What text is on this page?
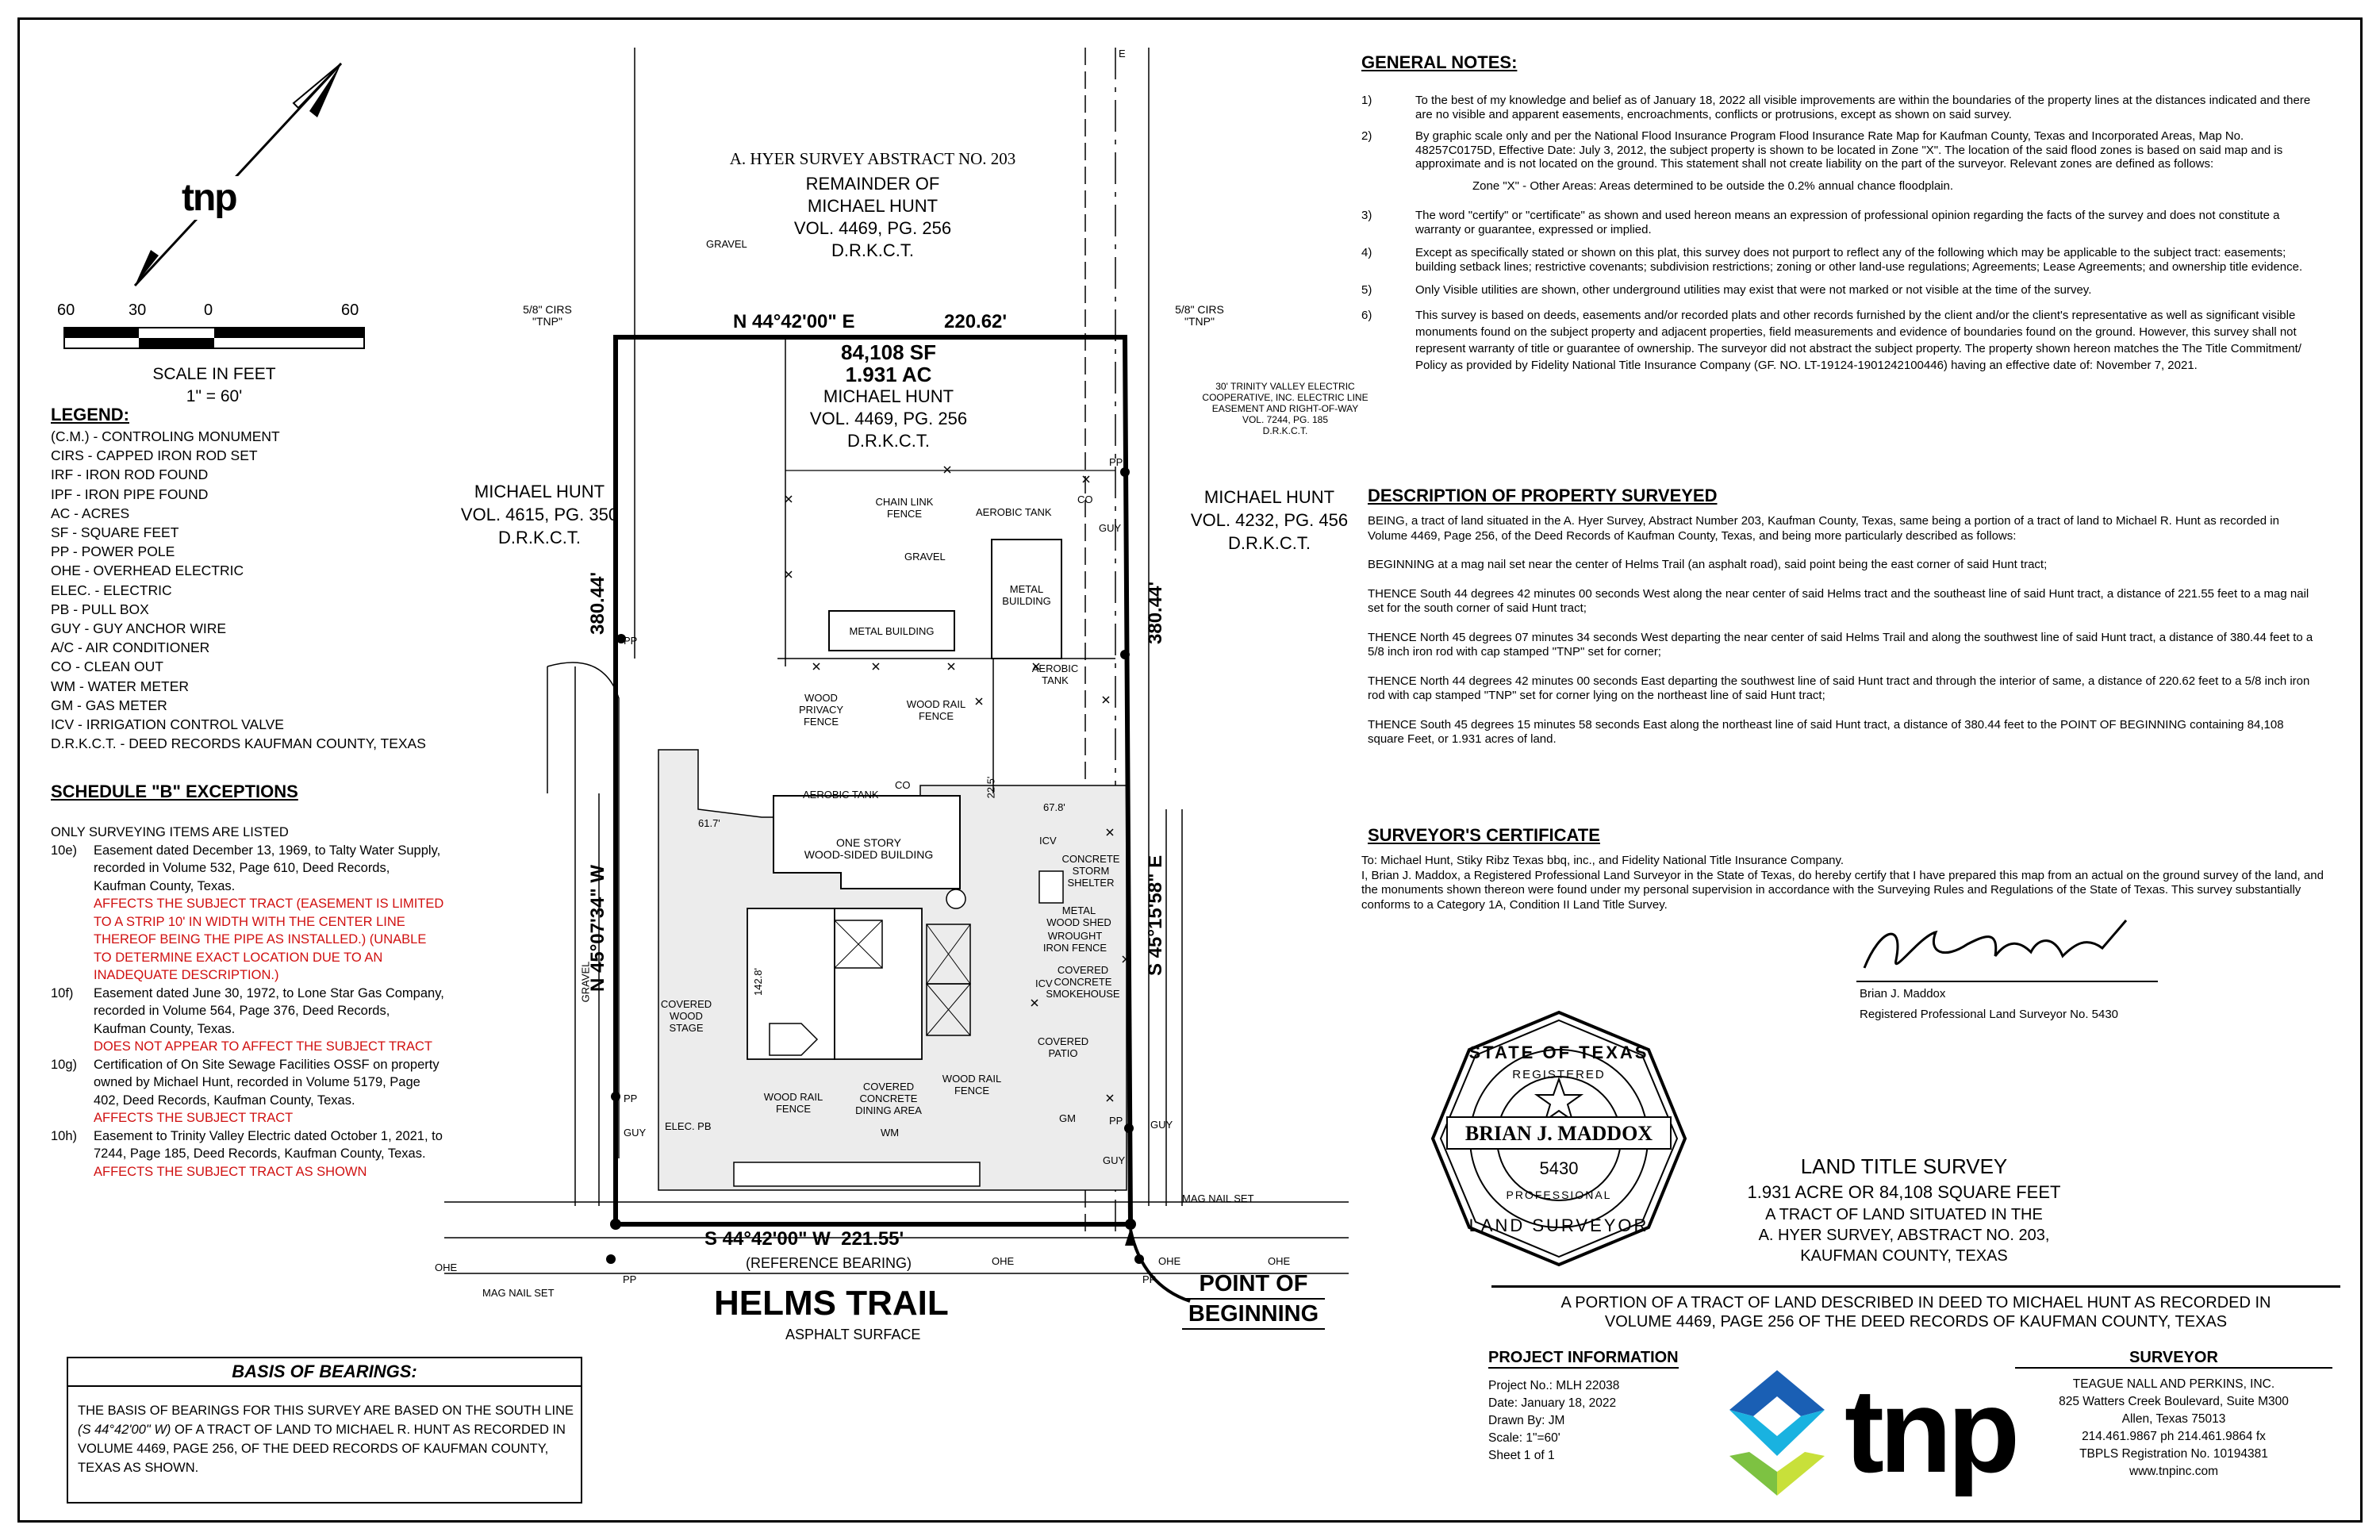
tnp
60	30	0	60
SCALE IN FEET
1" = 60'
LEGEND:
(C.M.) - CONTROLING MONUMENT
CIRS - CAPPED IRON ROD SET
IRF - IRON ROD FOUND
IPF - IRON PIPE FOUND
AC - ACRES
SF - SQUARE FEET
PP - POWER POLE
OHE - OVERHEAD ELECTRIC
ELEC. - ELECTRIC
PB - PULL BOX
GUY - GUY ANCHOR WIRE
A/C - AIR CONDITIONER
CO - CLEAN OUT
WM - WATER METER
GM - GAS METER
ICV - IRRIGATION CONTROL VALVE
D.R.K.C.T. - DEED RECORDS KAUFMAN COUNTY, TEXAS
SCHEDULE "B" EXCEPTIONS
ONLY SURVEYING ITEMS ARE LISTED
10e) Easement dated December 13, 1969, to Talty Water Supply,
recorded in Volume 532, Page 610, Deed Records,
Kaufman County, Texas.
AFFECTS THE SUBJECT TRACT (EASEMENT IS LIMITED
TO A STRIP 10' IN WIDTH WITH THE CENTER LINE
THEREOF BEING THE PIPE AS INSTALLED.) (UNABLE
TO DETERMINE EXACT LOCATION DUE TO AN
INADEQUATE DESCRIPTION.)
10f) Easement dated June 30, 1972, to Lone Star Gas Company,
recorded in Volume 564, Page 376, Deed Records,
Kaufman County, Texas.
DOES NOT APPEAR TO AFFECT THE SUBJECT TRACT
10g) Certification of On Site Sewage Facilities OSSF on property
owned by Michael Hunt, recorded in Volume 5179, Page
402, Deed Records, Kaufman County, Texas.
AFFECTS THE SUBJECT TRACT
10h) Easement to Trinity Valley Electric dated October 1, 2021, to
7244, Page 185, Deed Records, Kaufman County, Texas.
AFFECTS THE SUBJECT TRACT AS SHOWN
BASIS OF BEARINGS:
THE BASIS OF BEARINGS FOR THIS SURVEY ARE BASED ON THE SOUTH LINE
(S 44°42'00" W) OF A TRACT OF LAND TO MICHAEL R. HUNT AS RECORDED IN
VOLUME 4469, PAGE 256, OF THE DEED RECORDS OF KAUFMAN COUNTY,
TEXAS AS SHOWN.
A. HYER SURVEY ABSTRACT NO. 203
REMAINDER OF
MICHAEL HUNT
VOL. 4469, PG. 256
D.R.K.C.T.
MICHAEL HUNT
VOL. 4615, PG. 350
D.R.K.C.T.
MICHAEL HUNT
VOL. 4232, PG. 456
D.R.K.C.T.
84,108 SF
1.931 AC
MICHAEL HUNT
VOL. 4469, PG. 256
D.R.K.C.T.
N 44°42'00" E	220.62'
S 44°42'00" W  221.55'
(REFERENCE BEARING)
N 45°07'34" W
380.44'
S 45°15'58" E
380.44'
5/8" CIRS
"TNP"
5/8" CIRS
"TNP"
30' TRINITY VALLEY ELECTRIC
COOPERATIVE, INC. ELECTRIC LINE
EASEMENT AND RIGHT-OF-WAY
VOL. 7244, PG. 185
D.R.K.C.T.
GRAVEL
GRAVEL
GRAVEL
CHAIN LINK
FENCE	AEROBIC TANK
METAL BUILDING
METAL
BUILDING
AEROBIC
TANK
WOOD PRIVACY
FENCE
WOOD RAIL
FENCE
AEROBIC TANK
ONE STORY
WOOD-SIDED BUILDING	CONCRETE
STORM
SHELTER
METAL
WOOD SHED
WROUGHT
IRON FENCE
COVERED
CONCRETE
SMOKEHOUSE
COVERED
PATIO
COVERED
WOOD
STAGE
COVERED
CONCRETE
DINING AREA
WOOD RAIL
FENCE
WOOD RAIL
FENCE
61.7'
67.8'
22.5'
142.8'
ICV
ICV
ELEC. PB
GUY
GUY
GUY
GUY
PP
PP
PP
PP
PP	PP
WM
GM
CO
CO
E
OHE
OHE	OHE	OHE
MAG NAIL SET
MAG NAIL SET	HELMS TRAIL
ASPHALT SURFACE
POINT OF
BEGINNING
GENERAL NOTES:
1)	To the best of my knowledge and belief as of January 18, 2022 all visible improvements are within the boundaries of the property lines at the distances indicated and there are no visible and apparent easements, encroachments, conflicts or protrusions, except as shown on said survey.

2)	By graphic scale only and per the National Flood Insurance Program Flood Insurance Rate Map for Kaufman County, Texas and Incorporated Areas, Map No. 48257C0175D, Effective Date: July 3, 2012, the subject property is shown to be located in Zone "X". The location of the said flood zones is based on said map and is approximate and is not located on the ground. This statement shall not create liability on the part of the surveyor. Relevant zones are defined as follows:

Zone "X" - Other Areas: Areas determined to be outside the 0.2% annual chance floodplain.

3)	The word "certify" or "certificate" as shown and used hereon means an expression of professional opinion regarding the facts of the survey and does not constitute a warranty or guarantee, expressed or implied.

4)	Except as specifically stated or shown on this plat, this survey does not purport to reflect any of the following which may be applicable to the subject tract: easements; building setback lines; restrictive covenants; subdivision restrictions; zoning or other land-use regulations; Agreements; Lease Agreements; and ownership title evidence.

5)	Only Visible utilities are shown, other underground utilities may exist that were not marked or not visible at the time of the survey.

6)	This survey is based on deeds, easements and/or recorded plats and other records furnished by the client and/or the client's representative as well as significant visible monuments found on the subject property and adjacent properties, field measurements and evidence of boundaries found on the ground. However, this survey shall not represent warranty of title or guarantee of ownership. The surveyor did not abstract the subject property. The property shown hereon matches the The Title Commitment/ Policy as provided by Fidelity National Title Insurance Company (GF. NO. LT-19124-1901242100446) having an effective date of: November 7, 2021.

DESCRIPTION OF PROPERTY SURVEYED

BEING, a tract of land situated in the A. Hyer Survey, Abstract Number 203, Kaufman County, Texas, same being a portion of a tract of land to Michael R. Hunt as recorded in Volume 4469, Page 256, of the Deed Records of Kaufman County, Texas, and being more particularly described as follows:

BEGINNING at a mag nail set near the center of Helms Trail (an asphalt road), said point being the east corner of said Hunt tract;

THENCE South 44 degrees 42 minutes 00 seconds West along the near center of said Helms tract and the southeast line of said Hunt tract, a distance of 221.55 feet to a mag nail set for the south corner of said Hunt tract;

THENCE North 45 degrees 07 minutes 34 seconds West departing the near center of said Helms Trail and along the southwest line of said Hunt tract, a distance of 380.44 feet to a 5/8 inch iron rod with cap stamped "TNP" set for corner;

THENCE North 44 degrees 42 minutes 00 seconds East departing the southwest line of said Hunt tract and through the interior of same, a distance of 220.62 feet to a 5/8 inch iron rod with cap stamped "TNP" set for corner lying on the northeast line of said Hunt tract;

THENCE South 45 degrees 15 minutes 58 seconds East along the northeast line of said Hunt tract, a distance of 380.44 feet to the POINT OF BEGINNING containing 84,108 square Feet, or 1.931 acres of land.

SURVEYOR'S CERTIFICATE

To: Michael Hunt, Stiky Ribz Texas bbq, inc., and Fidelity National Title Insurance Company.

I, Brian J. Maddox, a Registered Professional Land Surveyor in the State of Texas, do hereby certify that I have prepared this map from an actual on the ground survey of the land, and the monuments shown thereon were found under my personal supervision in accordance with the Surveying Rules and Regulations of the State of Texas. This survey substantially conforms to a Category 1A, Condition II Land Title Survey.

Brian J. Maddox
Registered Professional Land Surveyor No. 5430
STATE OF TEXAS
REGISTERED
BRIAN J. MADDOX
5430
PROFESSIONAL
LAND SURVEYOR
LAND TITLE SURVEY
1.931 ACRE OR 84,108 SQUARE FEET
A TRACT OF LAND SITUATED IN THE
A. HYER SURVEY, ABSTRACT NO. 203,
KAUFMAN COUNTY, TEXAS
A PORTION OF A TRACT OF LAND DESCRIBED IN DEED TO MICHAEL HUNT AS RECORDED IN
VOLUME 4469, PAGE 256 OF THE DEED RECORDS OF KAUFMAN COUNTY, TEXAS
PROJECT INFORMATION
Project No.: MLH 22038
Date: January 18, 2022
Drawn By: JM
Scale: 1"=60'
Sheet 1 of 1	tnp
SURVEYOR
TEAGUE NALL AND PERKINS, INC.
825 Watters Creek Boulevard, Suite M300
Allen, Texas 75013
214.461.9867 ph 214.461.9864 fx
TBPLS Registration No. 10194381
www.tnpinc.com
